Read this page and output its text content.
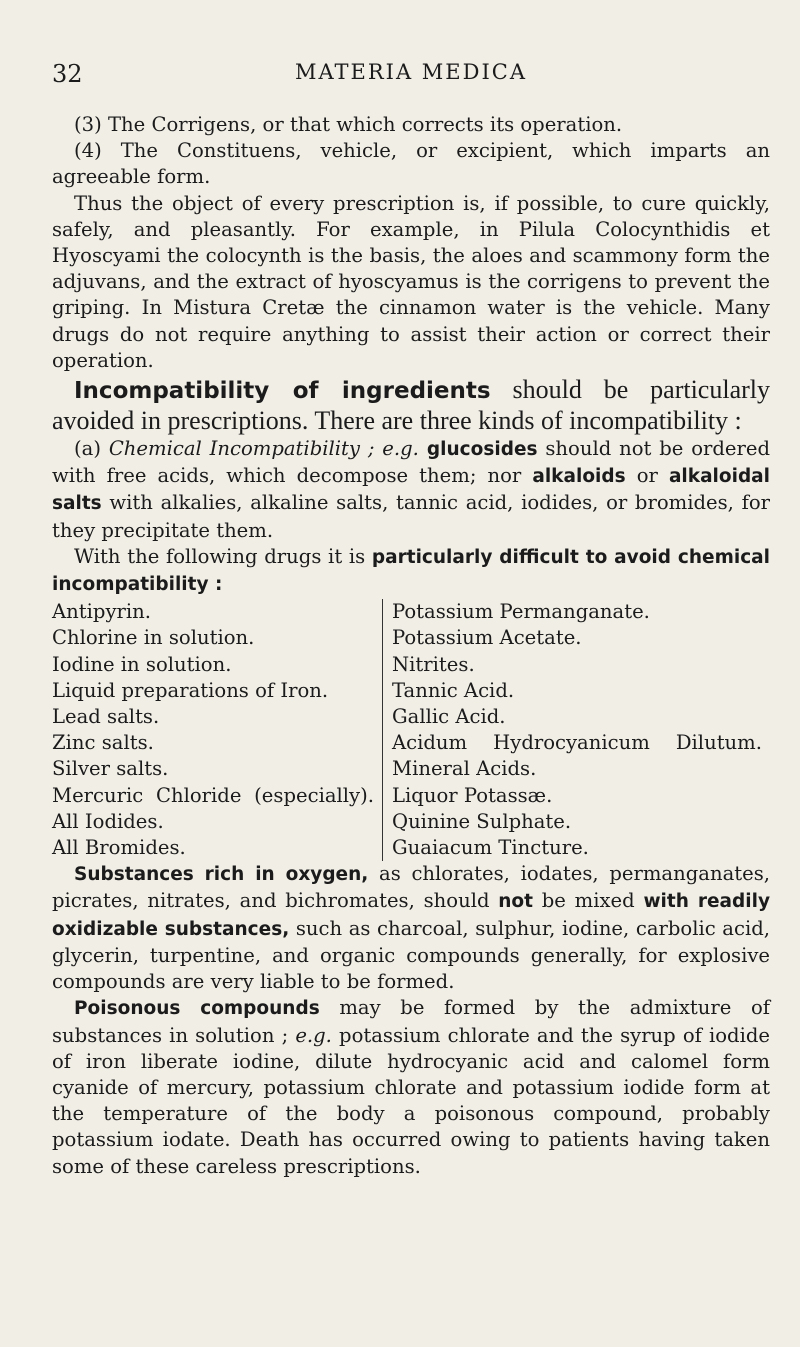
32	MATERIA MEDICA

(3) The Corrigens, or that which corrects its operation.

(4) The Constituens, vehicle, or excipient, which imparts an agreeable form.

Thus the object of every prescription is, if possible, to cure quickly, safely, and pleasantly. For example, in Pilula Colocynthidis et Hyoscyami the colocynth is the basis, the aloes and scammony form the adjuvans, and the extract of hyoscyamus is the corrigens to prevent the griping. In Mistura Cretæ the cinnamon water is the vehicle. Many drugs do not require anything to assist their action or correct their operation.

Incompatibility of ingredients should be particularly avoided in prescriptions. There are three kinds of incompatibility :

(a) Chemical Incompatibility ; e.g. glucosides should not be ordered with free acids, which decompose them; nor alkaloids or alkaloidal salts with alkalies, alkaline salts, tannic acid, iodides, or bromides, for they precipitate them.

With the following drugs it is particularly difficult to avoid chemical incompatibility :

Antipyrin.
Chlorine in solution.
Iodine in solution.
Liquid preparations of Iron.
Lead salts.
Zinc salts.
Silver salts.
Mercuric Chloride (especially).
All Iodides.
All Bromides.
Potassium Permanganate.
Potassium Acetate.
Nitrites.
Tannic Acid.
Gallic Acid.
Acidum Hydrocyanicum Dilutum.
Mineral Acids.
Liquor Potassæ.
Quinine Sulphate.
Guaiacum Tincture.

Substances rich in oxygen, as chlorates, iodates, permanganates, picrates, nitrates, and bichromates, should not be mixed with readily oxidizable substances, such as charcoal, sulphur, iodine, carbolic acid, glycerin, turpentine, and organic compounds generally, for explosive compounds are very liable to be formed.

Poisonous compounds may be formed by the admixture of substances in solution ; e.g. potassium chlorate and the syrup of iodide of iron liberate iodine, dilute hydrocyanic acid and calomel form cyanide of mercury, potassium chlorate and potassium iodide form at the temperature of the body a poisonous compound, probably potassium iodate. Death has occurred owing to patients having taken some of these careless prescriptions.
